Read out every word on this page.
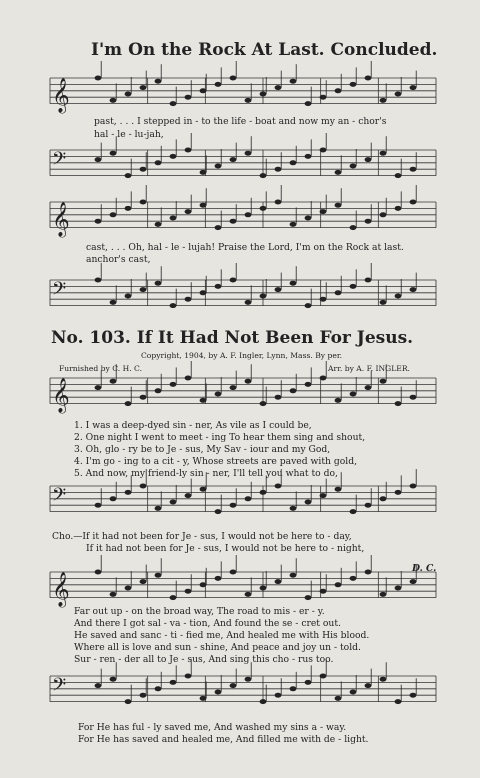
I'm On the Rock At Last. Concluded.
𝄞
𝄢
𝄞
𝄢
𝄞
𝄢
𝄞
𝄢
past, . . . I stepped in - to the life - boat and now my an - chor's
hal - le - lu-jah,
cast, . . . Oh, hal - le - lujah! Praise the Lord, I'm on the Rock at last.
anchor's cast,
No. 103. If It Had Not Been For Jesus.
Copyright, 1904, by A. F. Ingler, Lynn, Mass. By per.
Furnished by C. H. C.	Arr. by A. F. INGLER.
1. I was a deep-dyed sin - ner, As vile as I could be,
2. One night I went to meet - ing To hear them sing and shout,
3. Oh, glo - ry be to Je - sus, My Sav - iour and my God,
4. I'm go - ing to a cit - y, Whose streets are paved with gold,
5. And now, my friend-ly sin - ner, I'll tell you what to do,
Cho.—If it had not been for Je - sus, I would not be here to - day,
If it had not been for Je - sus, I would not be here to - night,
D. C.
Far out up - on the broad way, The road to mis - er - y.
And there I got sal - va - tion, And found the se - cret out.
He saved and sanc - ti - fied me, And healed me with His blood.
Where all is love and sun - shine, And peace and joy un - told.
Sur - ren - der all to Je - sus, And sing this cho - rus too.
For He has ful - ly saved me, And washed my sins a - way.
For He has saved and healed me, And filled me with de - light.
